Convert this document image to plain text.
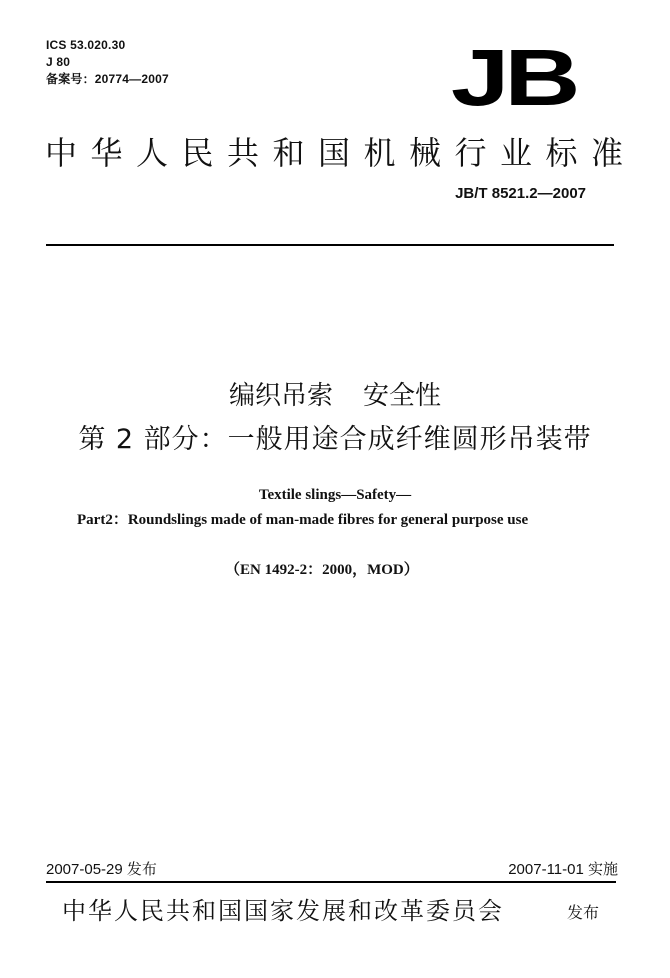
ICS 53.020.30
J 80
备案号：20774—2007	JB
中华人民共和国机械行业标准
JB/T 8521.2—2007
编织吊索 安全性
第 2 部分：一般用途合成纤维圆形吊装带
Textile slings—Safety—
Part2：Roundslings made of man-made fibres for general purpose use
（EN 1492-2：2000，MOD）
2007-05-29 发布	2007-11-01 实施
中华人民共和国国家发展和改革委员会	发布
